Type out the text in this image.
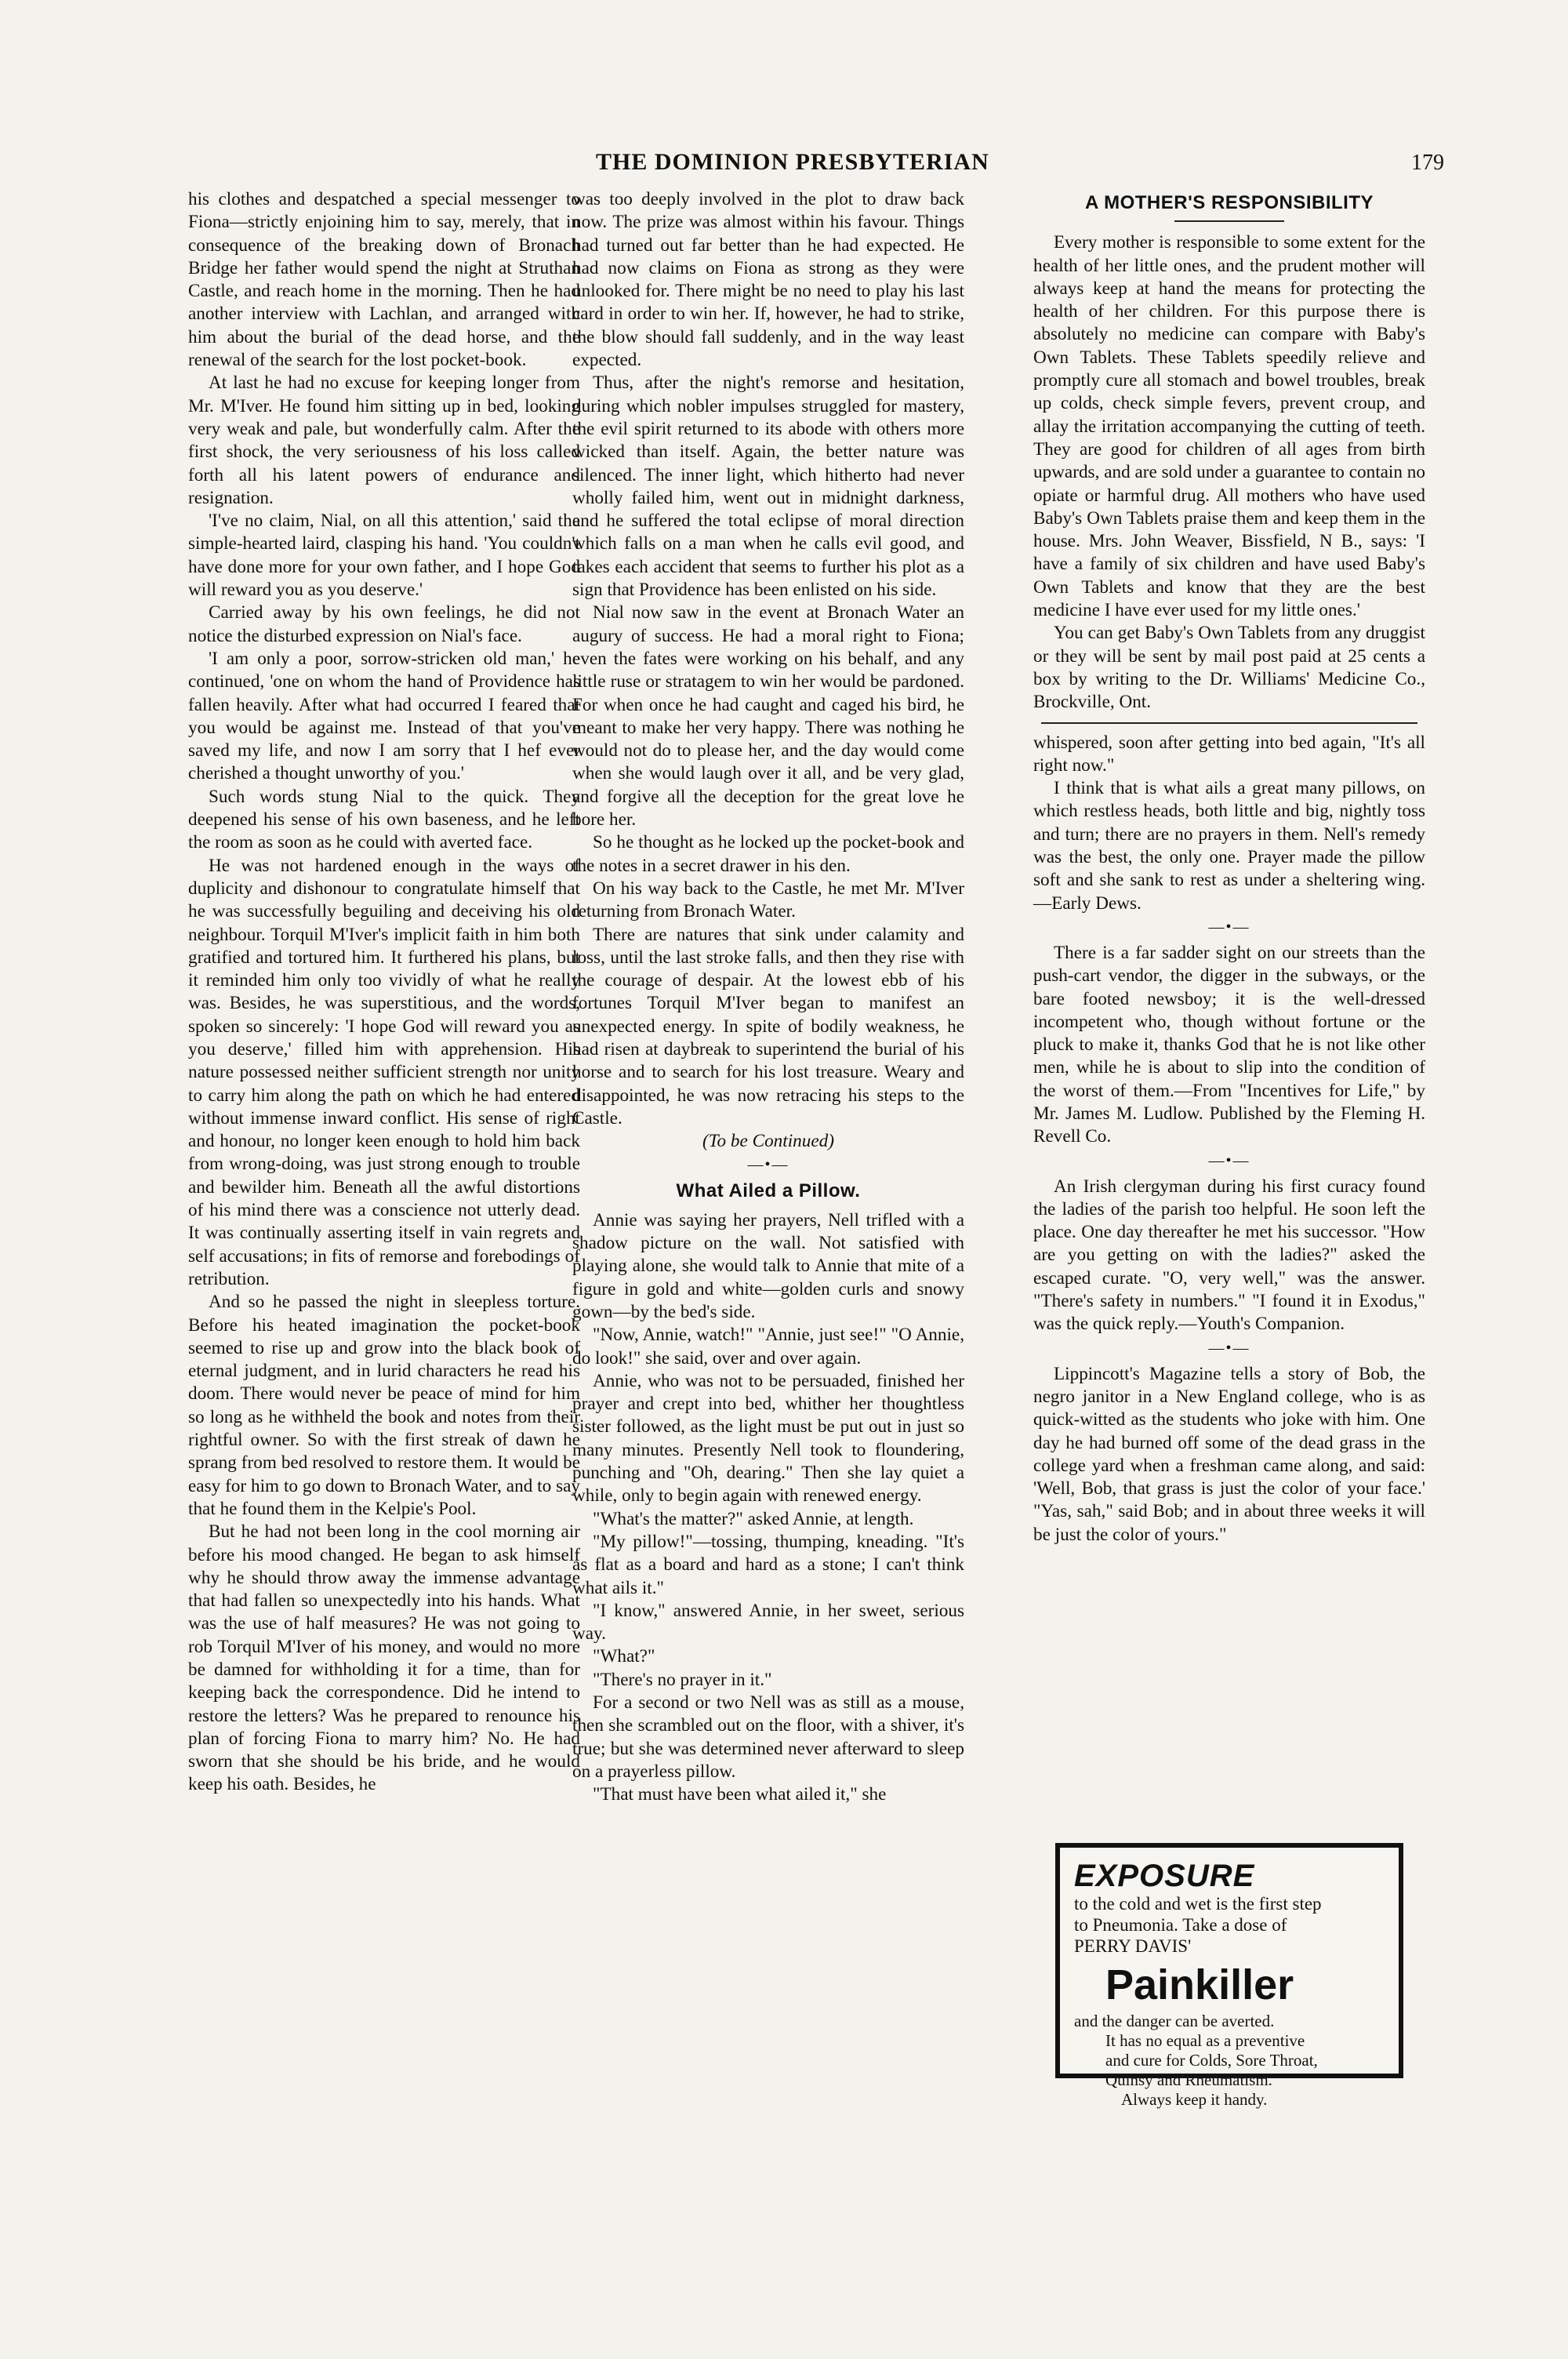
THE DOMINION PRESBYTERIAN	179

his clothes and despatched a special messenger to Fiona—strictly enjoining him to say, merely, that in consequence of the breaking down of Bronach Bridge her father would spend the night at Struthan Castle, and reach home in the morning. Then he had another interview with Lachlan, and arranged with him about the burial of the dead horse, and the renewal of the search for the lost pocket-book.

At last he had no excuse for keeping longer from Mr. M'Iver. He found him sitting up in bed, looking very weak and pale, but wonderfully calm. After the first shock, the very seriousness of his loss called forth all his latent powers of endurance and resignation.

'I've no claim, Nial, on all this attention,' said the simple-hearted laird, clasping his hand. 'You couldn't have done more for your own father, and I hope God will reward you as you deserve.'

Carried away by his own feelings, he did not notice the disturbed expression on Nial's face.

'I am only a poor, sorrow-stricken old man,' he continued, 'one on whom the hand of Providence has fallen heavily. After what had occurred I feared that you would be against me. Instead of that you've saved my life, and now I am sorry that I hef ever cherished a thought unworthy of you.'

Such words stung Nial to the quick. They deepened his sense of his own baseness, and he left the room as soon as he could with averted face.

He was not hardened enough in the ways of duplicity and dishonour to congratulate himself that he was successfully beguiling and deceiving his old neighbour. Torquil M'Iver's implicit faith in him both gratified and tortured him. It furthered his plans, but it reminded him only too vividly of what he really was. Besides, he was superstitious, and the words, spoken so sincerely: 'I hope God will reward you as you deserve,' filled him with apprehension. His nature possessed neither sufficient strength nor unity to carry him along the path on which he had entered without immense inward conflict. His sense of right and honour, no longer keen enough to hold him back from wrong-doing, was just strong enough to trouble and bewilder him. Beneath all the awful distortions of his mind there was a conscience not utterly dead. It was continually asserting itself in vain regrets and self accusations; in fits of remorse and forebodings of retribution.

And so he passed the night in sleepless torture. Before his heated imagination the pocket-book seemed to rise up and grow into the black book of eternal judgment, and in lurid characters he read his doom. There would never be peace of mind for him so long as he withheld the book and notes from their rightful owner. So with the first streak of dawn he sprang from bed resolved to restore them. It would be easy for him to go down to Bronach Water, and to say that he found them in the Kelpie's Pool.

But he had not been long in the cool morning air before his mood changed. He began to ask himself why he should throw away the immense advantage that had fallen so unexpectedly into his hands. What was the use of half measures? He was not going to rob Torquil M'Iver of his money, and would no more be damned for withholding it for a time, than for keeping back the correspondence. Did he intend to restore the letters? Was he prepared to renounce his plan of forcing Fiona to marry him? No. He had sworn that she should be his bride, and he would keep his oath. Besides, he

was too deeply involved in the plot to draw back now. The prize was almost within his favour. Things had turned out far better than he had expected. He had now claims on Fiona as strong as they were unlooked for. There might be no need to play his last card in order to win her. If, however, he had to strike, the blow should fall suddenly, and in the way least expected.

Thus, after the night's remorse and hesitation, during which nobler impulses struggled for mastery, the evil spirit returned to its abode with others more wicked than itself. Again, the better nature was silenced. The inner light, which hitherto had never wholly failed him, went out in midnight darkness, and he suffered the total eclipse of moral direction which falls on a man when he calls evil good, and takes each accident that seems to further his plot as a sign that Providence has been enlisted on his side.

Nial now saw in the event at Bronach Water an augury of success. He had a moral right to Fiona; even the fates were working on his behalf, and any little ruse or stratagem to win her would be pardoned. For when once he had caught and caged his bird, he meant to make her very happy. There was nothing he would not do to please her, and the day would come when she would laugh over it all, and be very glad, and forgive all the deception for the great love he bore her.

So he thought as he locked up the pocket-book and the notes in a secret drawer in his den.

On his way back to the Castle, he met Mr. M'Iver returning from Bronach Water.

There are natures that sink under calamity and loss, until the last stroke falls, and then they rise with the courage of despair. At the lowest ebb of his fortunes Torquil M'Iver began to manifest an unexpected energy. In spite of bodily weakness, he had risen at daybreak to superintend the burial of his horse and to search for his lost treasure. Weary and disappointed, he was now retracing his steps to the Castle.

(To be Continued)

—•—
What Ailed a Pillow.

Annie was saying her prayers, Nell trifled with a shadow picture on the wall. Not satisfied with playing alone, she would talk to Annie that mite of a figure in gold and white—golden curls and snowy gown—by the bed's side.

"Now, Annie, watch!" "Annie, just see!" "O Annie, do look!" she said, over and over again.

Annie, who was not to be persuaded, finished her prayer and crept into bed, whither her thoughtless sister followed, as the light must be put out in just so many minutes. Presently Nell took to floundering, punching and "Oh, dearing." Then she lay quiet a while, only to begin again with renewed energy.

"What's the matter?" asked Annie, at length.

"My pillow!"—tossing, thumping, kneading. "It's as flat as a board and hard as a stone; I can't think what ails it."

"I know," answered Annie, in her sweet, serious way.

"What?"

"There's no prayer in it."

For a second or two Nell was as still as a mouse, then she scrambled out on the floor, with a shiver, it's true; but she was determined never afterward to sleep on a prayerless pillow.

"That must have been what ailed it," she

A MOTHER'S RESPONSIBILITY

Every mother is responsible to some extent for the health of her little ones, and the prudent mother will always keep at hand the means for protecting the health of her children. For this purpose there is absolutely no medicine can compare with Baby's Own Tablets. These Tablets speedily relieve and promptly cure all stomach and bowel troubles, break up colds, check simple fevers, prevent croup, and allay the irritation accompanying the cutting of teeth. They are good for children of all ages from birth upwards, and are sold under a guarantee to contain no opiate or harmful drug. All mothers who have used Baby's Own Tablets praise them and keep them in the house. Mrs. John Weaver, Bissfield, N B., says: 'I have a family of six children and have used Baby's Own Tablets and know that they are the best medicine I have ever used for my little ones.'

You can get Baby's Own Tablets from any druggist or they will be sent by mail post paid at 25 cents a box by writing to the Dr. Williams' Medicine Co., Brockville, Ont.

whispered, soon after getting into bed again, "It's all right now."

I think that is what ails a great many pillows, on which restless heads, both little and big, nightly toss and turn; there are no prayers in them. Nell's remedy was the best, the only one. Prayer made the pillow soft and she sank to rest as under a sheltering wing.—Early Dews.

—•—

There is a far sadder sight on our streets than the push-cart vendor, the digger in the subways, or the bare footed newsboy; it is the well-dressed incompetent who, though without fortune or the pluck to make it, thanks God that he is not like other men, while he is about to slip into the condition of the worst of them.—From "Incentives for Life," by Mr. James M. Ludlow. Published by the Fleming H. Revell Co.

—•—

An Irish clergyman during his first curacy found the ladies of the parish too helpful. He soon left the place. One day thereafter he met his successor. "How are you getting on with the ladies?" asked the escaped curate. "O, very well," was the answer. "There's safety in numbers." "I found it in Exodus," was the quick reply.—Youth's Companion.

—•—

Lippincott's Magazine tells a story of Bob, the negro janitor in a New England college, who is as quick-witted as the students who joke with him. One day he had burned off some of the dead grass in the college yard when a freshman came along, and said: 'Well, Bob, that grass is just the color of your face.' "Yas, sah," said Bob; and in about three weeks it will be just the color of yours."

EXPOSURE
to the cold and wet is the first step
to Pneumonia. Take a dose of
PERRY DAVIS'
Painkiller
and the danger can be averted.
It has no equal as a preventive
and cure for Colds, Sore Throat,
Quinsy and Rheumatism.
Always keep it handy.
